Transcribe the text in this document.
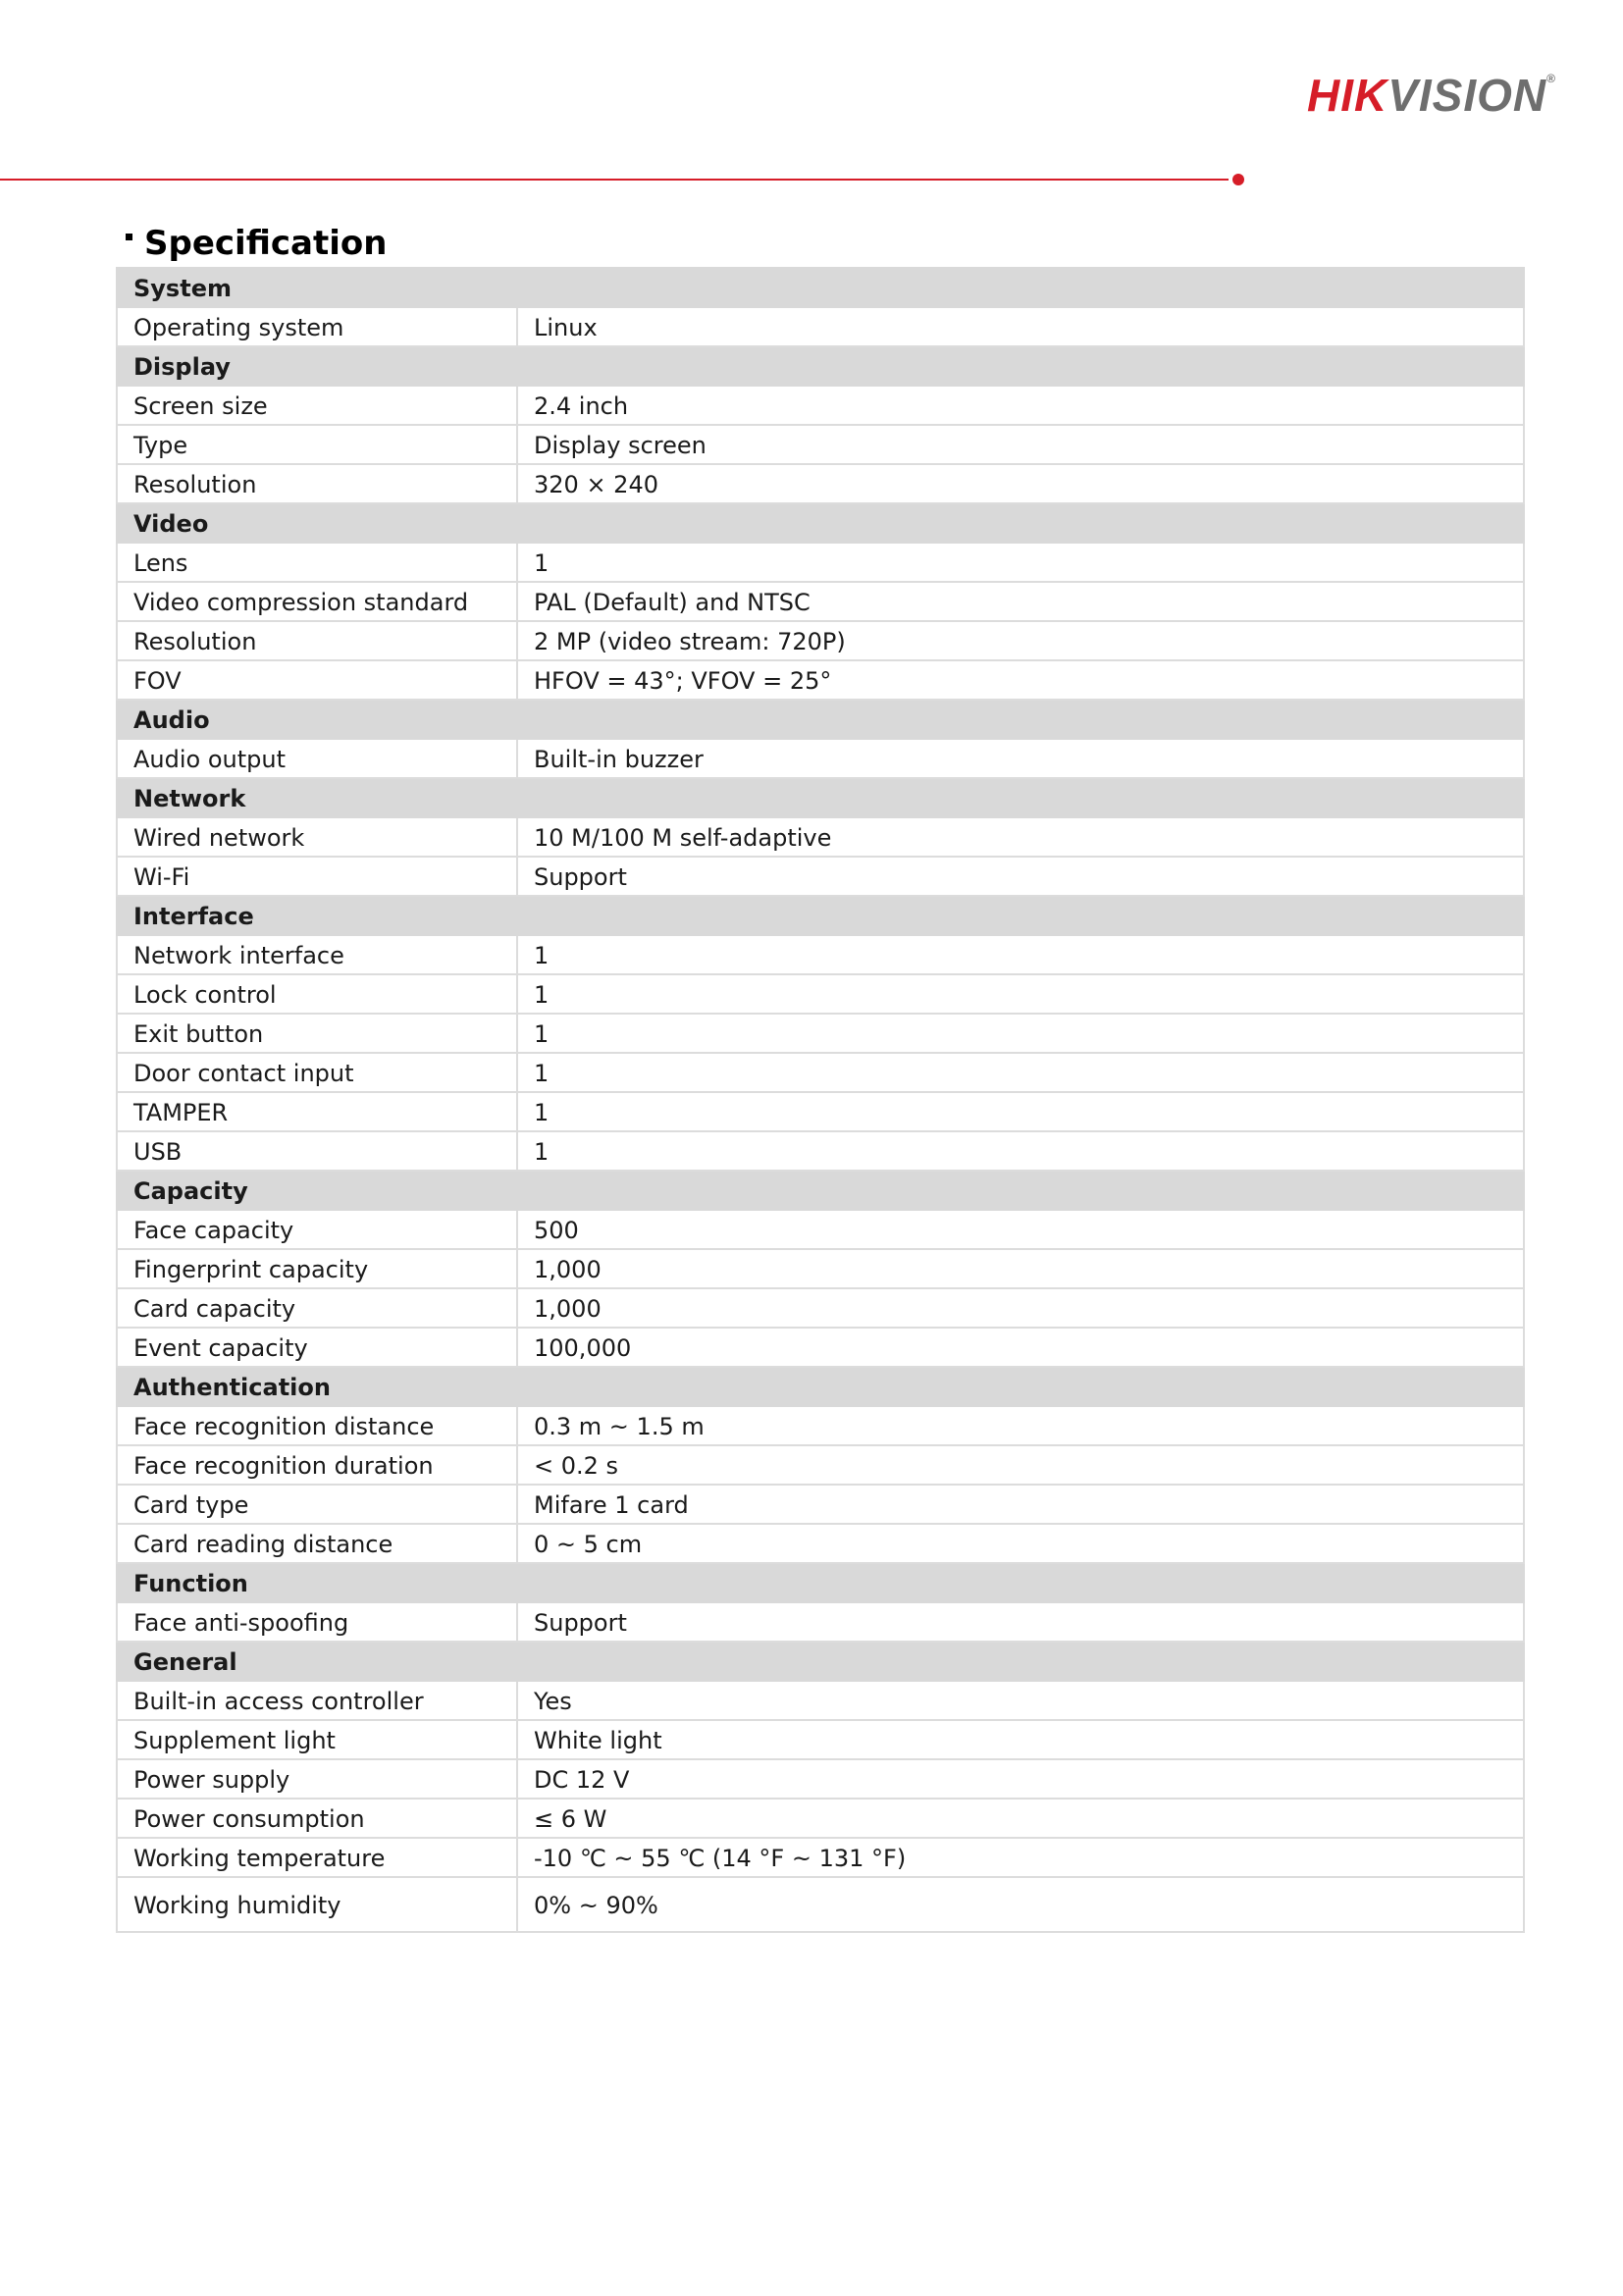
HIKVISION®
Specification
System	
Operating system	Linux
Display	
Screen size	2.4 inch
Type	Display screen
Resolution	320 × 240
Video	
Lens	1
Video compression standard	PAL (Default) and NTSC
Resolution	2 MP (video stream: 720P)
FOV	HFOV = 43°; VFOV = 25°
Audio	
Audio output	Built-in buzzer
Network	
Wired network	10 M/100 M self-adaptive
Wi-Fi	Support
Interface	
Network interface	1
Lock control	1
Exit button	1
Door contact input	1
TAMPER	1
USB	1
Capacity	
Face capacity	500
Fingerprint capacity	1,000
Card capacity	1,000
Event capacity	100,000
Authentication	
Face recognition distance	0.3 m ~ 1.5 m
Face recognition duration	< 0.2 s
Card type	Mifare 1 card
Card reading distance	0 ~ 5 cm
Function	
Face anti-spoofing	Support
General	
Built-in access controller	Yes
Supplement light	White light
Power supply	DC 12 V
Power consumption	≤ 6 W
Working temperature	-10 ℃ ~ 55 ℃ (14 °F ~ 131 °F)
Working humidity	0% ~ 90%
